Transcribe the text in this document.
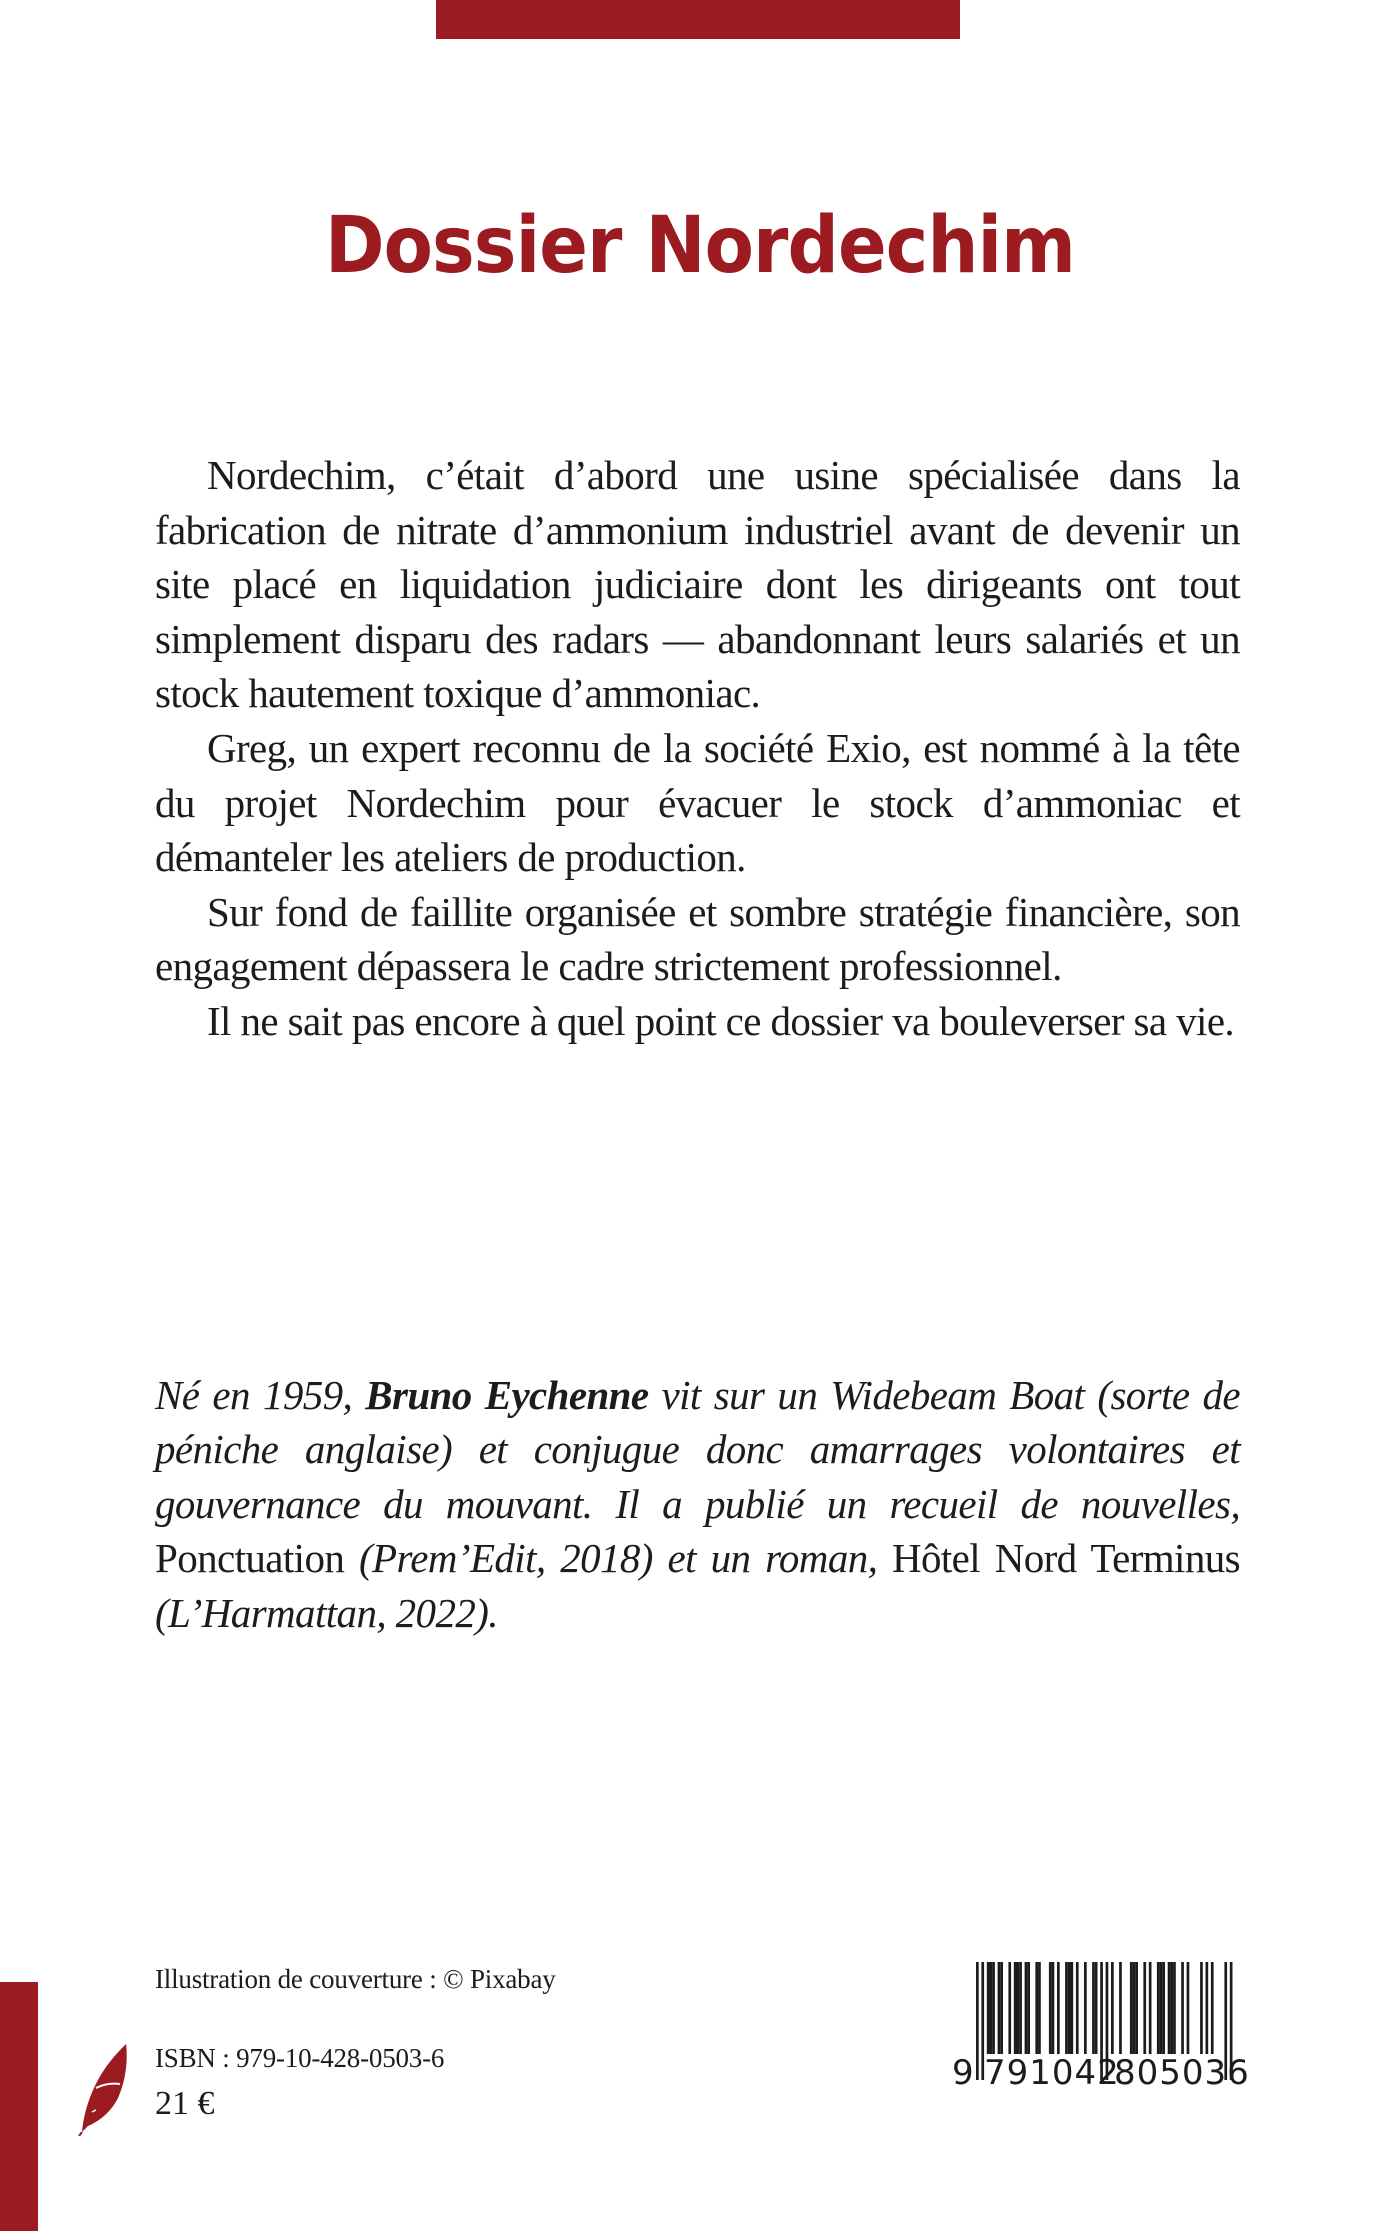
Dossier Nordechim

Nordechim, c’était d’abord une usine spécialisée dans la fabrication de nitrate d’ammonium industriel avant de devenir un site placé en liquidation judiciaire dont les dirigeants ont tout simplement disparu des radars — abandonnant leurs salariés et un stock hautement toxique d’ammoniac.

Greg, un expert reconnu de la société Exio, est nommé à la tête du projet Nordechim pour évacuer le stock d’ammoniac et démanteler les ateliers de production.

Sur fond de faillite organisée et sombre stratégie financière, son engagement dépassera le cadre strictement professionnel.

Il ne sait pas encore à quel point ce dossier va bouleverser sa vie.

Né en 1959, Bruno Eychenne vit sur un Widebeam Boat (sorte de péniche anglaise) et conjugue donc amarrages volontaires et gouvernance du mouvant. Il a publié un recueil de nouvelles, Ponctuation (Prem’Edit, 2018) et un roman, Hôtel Nord Terminus (L’Harmattan, 2022).

Illustration de couverture : © Pixabay
ISBN : 979-10-428-0503-6
21 €
9 791042
805036
